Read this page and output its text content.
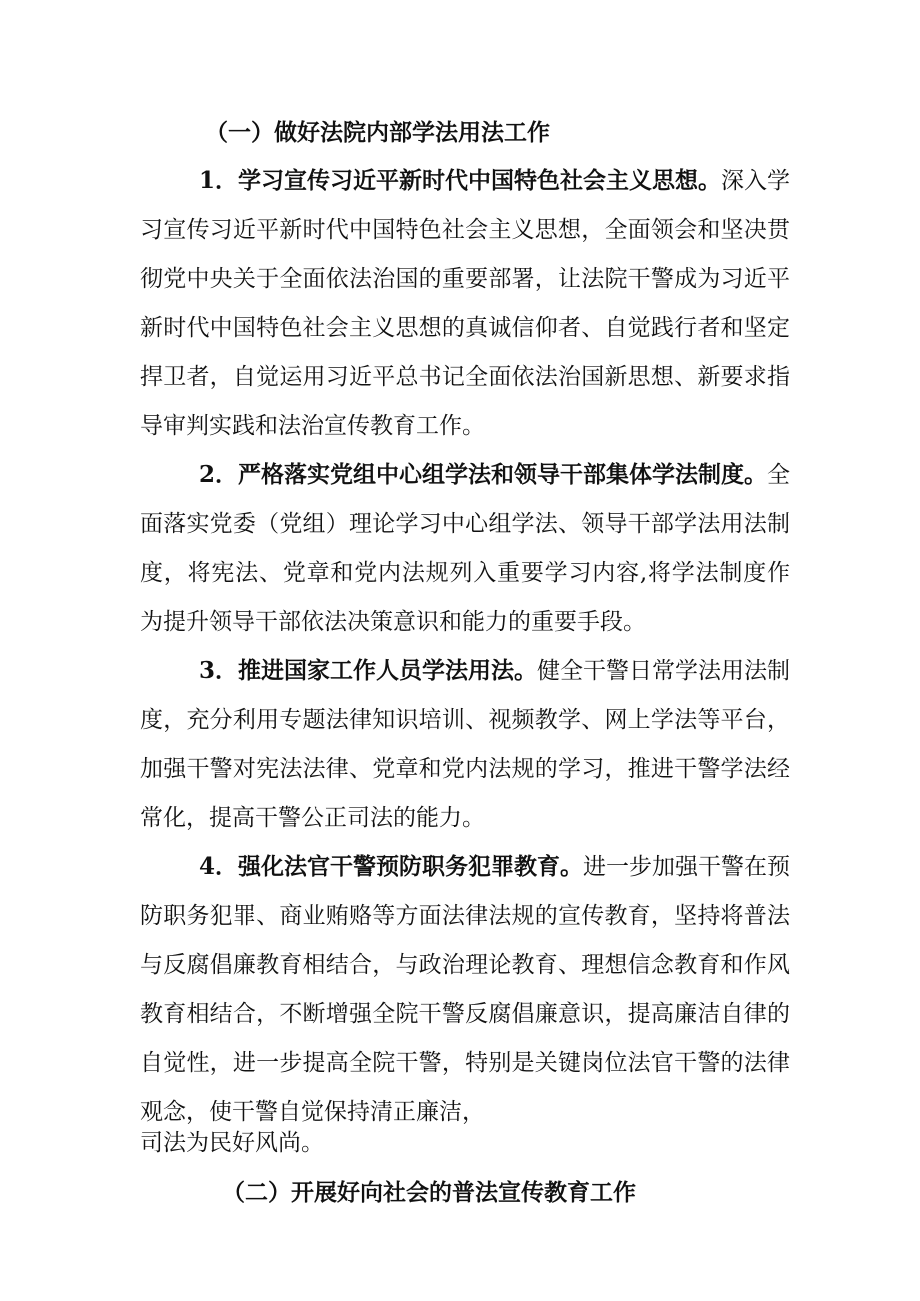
（一）做好法院内部学法用法工作
1．学习宣传习近平新时代中国特色社会主义思想。深入学
习宣传习近平新时代中国特色社会主义思想，全面领会和坚决贯
彻党中央关于全面依法治国的重要部署，让法院干警成为习近平
新时代中国特色社会主义思想的真诚信仰者、自觉践行者和坚定
捍卫者，自觉运用习近平总书记全面依法治国新思想、新要求指
导审判实践和法治宣传教育工作。
2．严格落实党组中心组学法和领导干部集体学法制度。全
面落实党委（党组）理论学习中心组学法、领导干部学法用法制
度，将宪法、党章和党内法规列入重要学习内容,将学法制度作
为提升领导干部依法决策意识和能力的重要手段。
3．推进国家工作人员学法用法。健全干警日常学法用法制
度，充分利用专题法律知识培训、视频教学、网上学法等平台，
加强干警对宪法法律、党章和党内法规的学习，推进干警学法经
常化，提高干警公正司法的能力。
4．强化法官干警预防职务犯罪教育。进一步加强干警在预
防职务犯罪、商业贿赂等方面法律法规的宣传教育，坚持将普法
与反腐倡廉教育相结合，与政治理论教育、理想信念教育和作风
教育相结合，不断增强全院干警反腐倡廉意识，提高廉洁自律的
自觉性，进一步提高全院干警，特别是关键岗位法官干警的法律
观念，使干警自觉保持清正廉洁，
司法为民好风尚。
（二）开展好向社会的普法宣传教育工作
